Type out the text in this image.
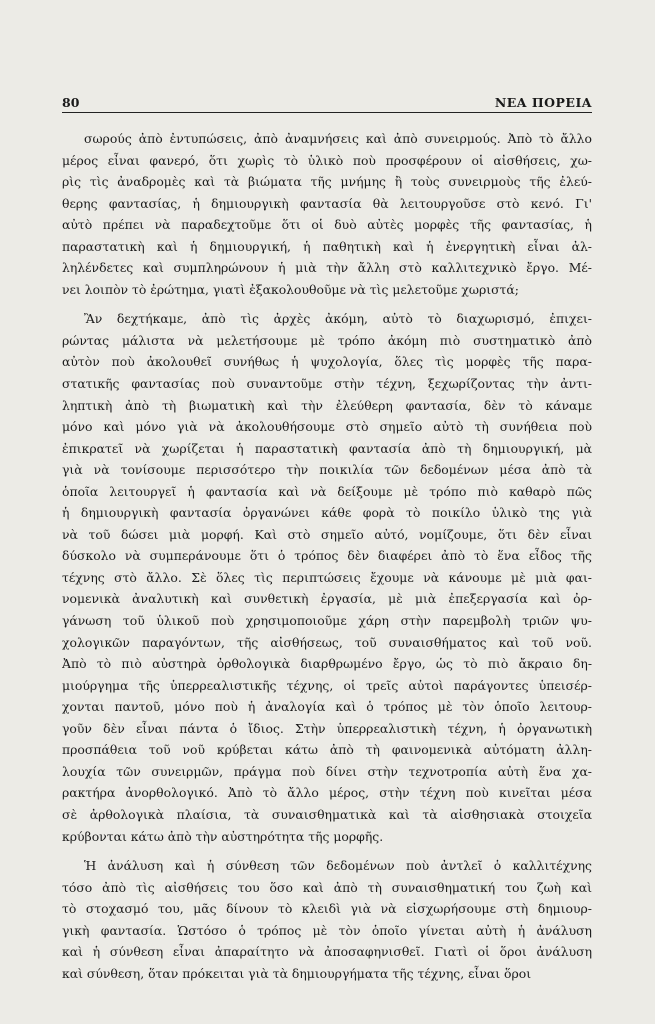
80	ΝΕΑ ΠΟΡΕΙΑ
σωρούς ἀπὸ ἐντυπώσεις, ἀπὸ ἀναμνήσεις καὶ ἀπὸ συνειρμούς. Ἀπὸ τὸ ἄλλο
μέρος εἶναι φανερό, ὅτι χωρὶς τὸ ὑλικὸ ποὺ προσφέρουν οἱ αἰσθήσεις, χω-
ρὶς τὶς ἀναδρομὲς καὶ τὰ βιώματα τῆς μνήμης ἢ τοὺς συνειρμοὺς τῆς ἐλεύ-
θερης φαντασίας, ἡ δημιουργικὴ φαντασία θὰ λειτουργοῦσε στὸ κενό. Γι'
αὐτὸ πρέπει νὰ παραδεχτοῦμε ὅτι οἱ δυὸ αὐτὲς μορφὲς τῆς φαντασίας, ἡ
παραστατικὴ καὶ ἡ δημιουργική, ἡ παθητικὴ καὶ ἡ ἐνεργητικὴ εἶναι ἀλ-
ληλένδετες καὶ συμπληρώνουν ἡ μιὰ τὴν ἄλλη στὸ καλλιτεχνικὸ ἔργο. Μέ-
νει λοιπὸν τὸ ἐρώτημα, γιατὶ ἐξακολουθοῦμε νὰ τὶς μελετοῦμε χωριστά;
Ἂν δεχτήκαμε, ἀπὸ τὶς ἀρχὲς ἀκόμη, αὐτὸ τὸ διαχωρισμό, ἐπιχει-
ρώντας μάλιστα νὰ μελετήσουμε μὲ τρόπο ἀκόμη πιὸ συστηματικὸ ἀπὸ
αὐτὸν ποὺ ἀκολουθεῖ συνήθως ἡ ψυχολογία, ὅλες τὶς μορφὲς τῆς παρα-
στατικῆς φαντασίας ποὺ συναντοῦμε στὴν τέχνη, ξεχωρίζοντας τὴν ἀντι-
ληπτικὴ ἀπὸ τὴ βιωματικὴ καὶ τὴν ἐλεύθερη φαντασία, δὲν τὸ κάναμε
μόνο καὶ μόνο γιὰ νὰ ἀκολουθήσουμε στὸ σημεῖο αὐτὸ τὴ συνήθεια ποὺ
ἐπικρατεῖ νὰ χωρίζεται ἡ παραστατικὴ φαντασία ἀπὸ τὴ δημιουργική, μὰ
γιὰ νὰ τονίσουμε περισσότερο τὴν ποικιλία τῶν δεδομένων μέσα ἀπὸ τὰ
ὁποῖα λειτουργεῖ ἡ φαντασία καὶ νὰ δείξουμε μὲ τρόπο πιὸ καθαρὸ πῶς
ἡ δημιουργικὴ φαντασία ὀργανώνει κάθε φορὰ τὸ ποικίλο ὑλικὸ της γιὰ
νὰ τοῦ δώσει μιὰ μορφή. Καὶ στὸ σημεῖο αὐτό, νομίζουμε, ὅτι δὲν εἶναι
δύσκολο νὰ συμπεράνουμε ὅτι ὁ τρόπος δὲν διαφέρει ἀπὸ τὸ ἕνα εἶδος τῆς
τέχνης στὸ ἄλλο. Σὲ ὅλες τὶς περιπτώσεις ἔχουμε νὰ κάνουμε μὲ μιὰ φαι-
νομενικὰ ἀναλυτικὴ καὶ συνθετικὴ ἐργασία, μὲ μιὰ ἐπεξεργασία καὶ ὀρ-
γάνωση τοῦ ὑλικοῦ ποὺ χρησιμοποιοῦμε χάρη στὴν παρεμβολὴ τριῶν ψυ-
χολογικῶν παραγόντων, τῆς αἰσθήσεως, τοῦ συναισθήματος καὶ τοῦ νοῦ.
Ἀπὸ τὸ πιὸ αὐστηρὰ ὀρθολογικὰ διαρθρωμένο ἔργο, ὡς τὸ πιὸ ἄκραιο δη-
μιούργημα τῆς ὑπερρεαλιστικῆς τέχνης, οἱ τρεῖς αὐτοὶ παράγοντες ὑπεισέρ-
χονται παντοῦ, μόνο ποὺ ἡ ἀναλογία καὶ ὁ τρόπος μὲ τὸν ὁποῖο λειτουρ-
γοῦν δὲν εἶναι πάντα ὁ ἴδιος. Στὴν ὑπερρεαλιστικὴ τέχνη, ἡ ὀργανωτικὴ
προσπάθεια τοῦ νοῦ κρύβεται κάτω ἀπὸ τὴ φαινομενικὰ αὐτόματη ἀλλη-
λουχία τῶν συνειρμῶν, πράγμα ποὺ δίνει στὴν τεχνοτροπία αὐτὴ ἕνα χα-
ρακτήρα ἀνορθολογικό. Ἀπὸ τὸ ἄλλο μέρος, στὴν τέχνη ποὺ κινεῖται μέσα
σὲ ἀρθολογικὰ πλαίσια, τὰ συναισθηματικὰ καὶ τὰ αἰσθησιακὰ στοιχεῖα
κρύβονται κάτω ἀπὸ τὴν αὐστηρότητα τῆς μορφῆς.
Ἡ ἀνάλυση καὶ ἡ σύνθεση τῶν δεδομένων ποὺ ἀντλεῖ ὁ καλλιτέχνης
τόσο ἀπὸ τὶς αἰσθήσεις του ὅσο καὶ ἀπὸ τὴ συναισθηματική του ζωὴ καὶ
τὸ στοχασμό του, μᾶς δίνουν τὸ κλειδὶ γιὰ νὰ εἰσχωρήσουμε στὴ δημιουρ-
γικὴ φαντασία. Ὡστόσο ὁ τρόπος μὲ τὸν ὁποῖο γίνεται αὐτὴ ἡ ἀνάλυση
καὶ ἡ σύνθεση εἶναι ἀπαραίτητο νὰ ἀποσαφηνισθεῖ. Γιατὶ οἱ ὅροι ἀνάλυση
καὶ σύνθεση, ὅταν πρόκειται γιὰ τὰ δημιουργήματα τῆς τέχνης, εἶναι ὅροι
